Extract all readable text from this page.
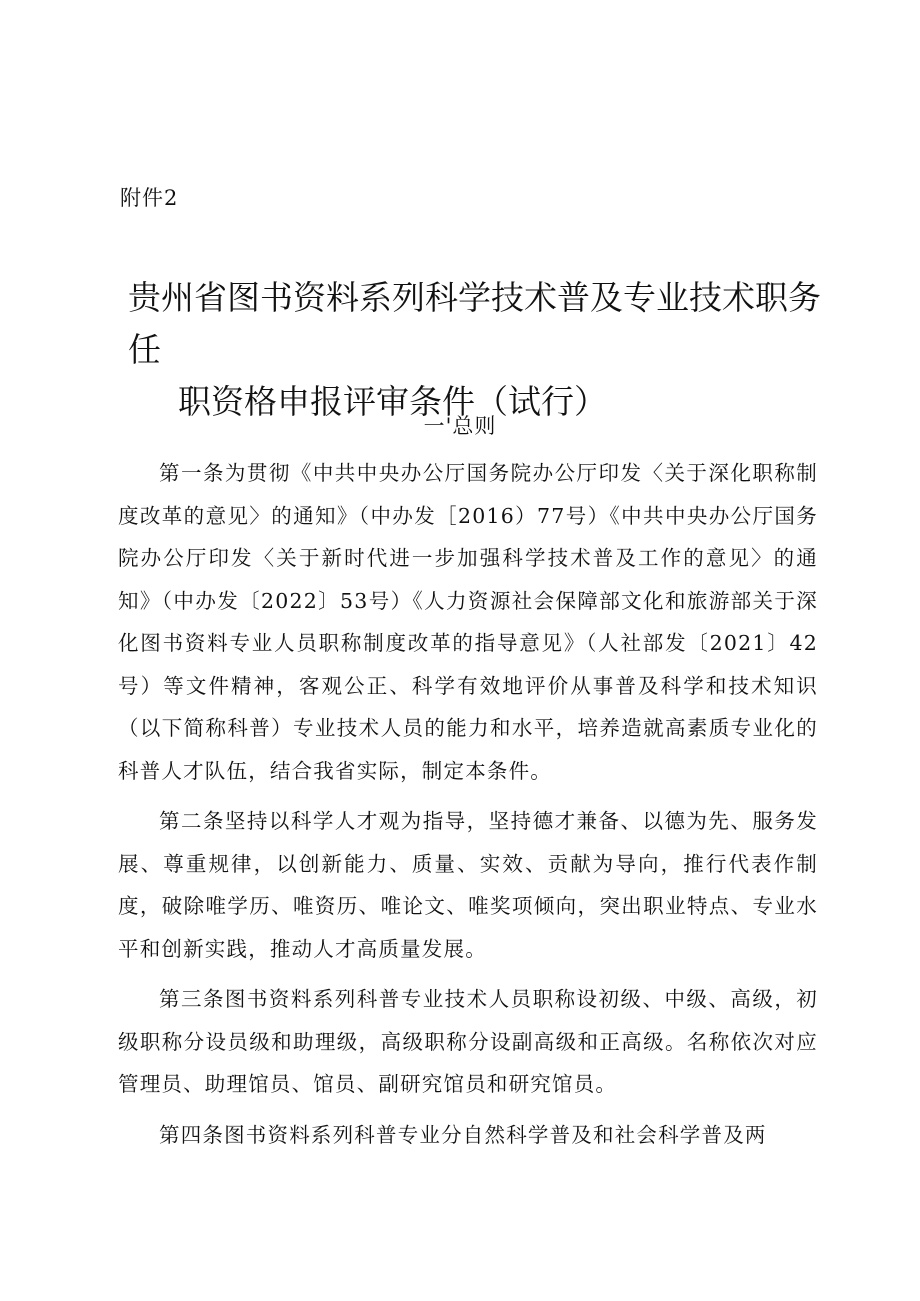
附件2
贵州省图书资料系列科学技术普及专业技术职务任
职资格申报评审条件（试行）
一'总则

第一条为贯彻《中共中央办公厅国务院办公厅印发〈关于深化职称制度改革的意见〉的通知》（中办发［2016）77号）《中共中央办公厅国务院办公厅印发〈关于新时代进一步加强科学技术普及工作的意见〉的通知》（中办发〔2022〕53号）《人力资源社会保障部文化和旅游部关于深化图书资料专业人员职称制度改革的指导意见》（人社部发〔2021〕42号）等文件精神，客观公正、科学有效地评价从事普及科学和技术知识（以下简称科普）专业技术人员的能力和水平，培养造就高素质专业化的科普人才队伍，结合我省实际，制定本条件。

第二条坚持以科学人才观为指导，坚持德才兼备、以德为先、服务发展、尊重规律，以创新能力、质量、实效、贡献为导向，推行代表作制度，破除唯学历、唯资历、唯论文、唯奖项倾向，突出职业特点、专业水平和创新实践，推动人才高质量发展。

第三条图书资料系列科普专业技术人员职称设初级、中级、高级，初级职称分设员级和助理级，高级职称分设副高级和正高级。名称依次对应管理员、助理馆员、馆员、副研究馆员和研究馆员。

第四条图书资料系列科普专业分自然科学普及和社会科学普及两
